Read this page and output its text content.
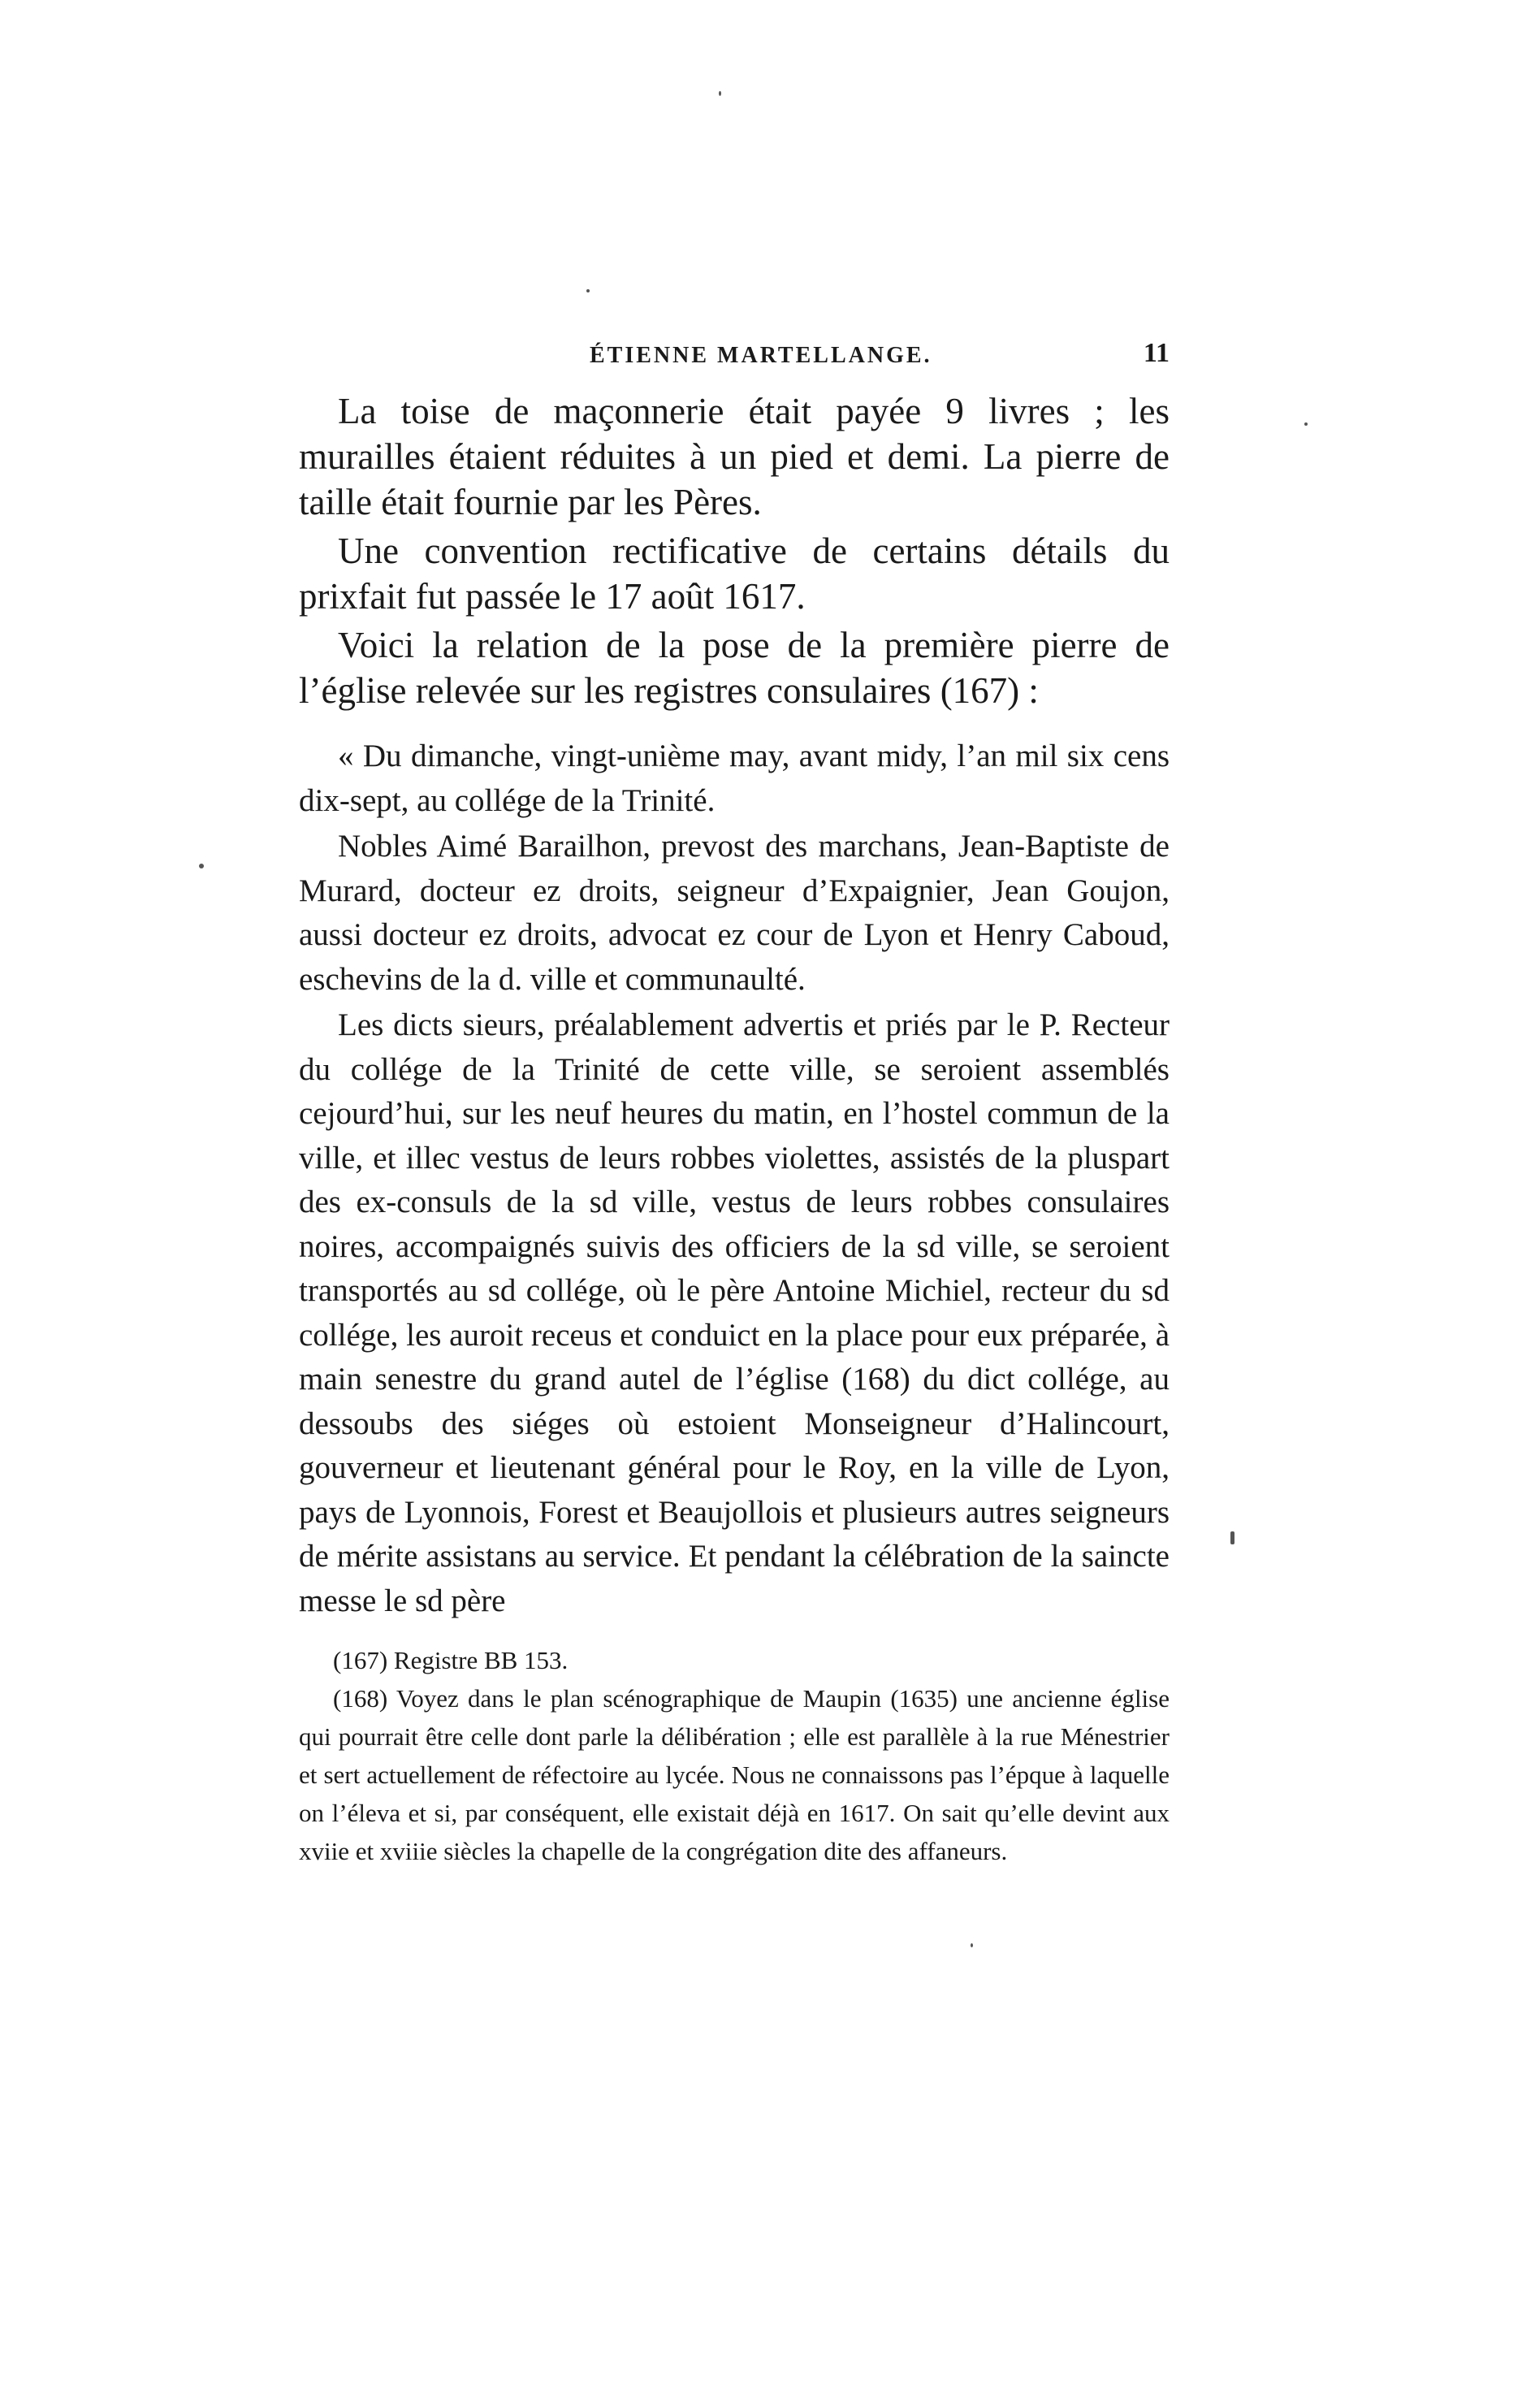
ÉTIENNE MARTELLANGE.	11

La toise de maçonnerie était payée 9 livres ; les murailles étaient réduites à un pied et demi. La pierre de taille était fournie par les Pères.

Une convention rectificative de certains détails du prixfait fut passée le 17 août 1617.

Voici la relation de la pose de la première pierre de l’église relevée sur les registres consulaires (167) :

« Du dimanche, vingt-unième may, avant midy, l’an mil six cens dix-sept, au collége de la Trinité.

Nobles Aimé Barailhon, prevost des marchans, Jean-Baptiste de Murard, docteur ez droits, seigneur d’Expaignier, Jean Goujon, aussi docteur ez droits, advocat ez cour de Lyon et Henry Caboud, eschevins de la d. ville et communaulté.

Les dicts sieurs, préalablement advertis et priés par le P. Recteur du collége de la Trinité de cette ville, se seroient assemblés cejourd’hui, sur les neuf heures du matin, en l’hostel commun de la ville, et illec vestus de leurs robbes violettes, assistés de la pluspart des ex-consuls de la sd ville, vestus de leurs robbes consulaires noires, accompaignés suivis des officiers de la sd ville, se seroient transportés au sd collége, où le père Antoine Michiel, recteur du sd collége, les auroit receus et conduict en la place pour eux préparée, à main senestre du grand autel de l’église (168) du dict collége, au dessoubs des siéges où estoient Monseigneur d’Halincourt, gouverneur et lieutenant général pour le Roy, en la ville de Lyon, pays de Lyonnois, Forest et Beaujollois et plusieurs autres seigneurs de mérite assistans au service. Et pendant la célébration de la saincte messe le sd père

(167) Registre BB 153.

(168) Voyez dans le plan scénographique de Maupin (1635) une ancienne église qui pourrait être celle dont parle la délibération ; elle est parallèle à la rue Ménestrier et sert actuellement de réfectoire au lycée. Nous ne connaissons pas l’épque à laquelle on l’éleva et si, par conséquent, elle existait déjà en 1617. On sait qu’elle devint aux xviie et xviiie siècles la chapelle de la congrégation dite des affaneurs.
